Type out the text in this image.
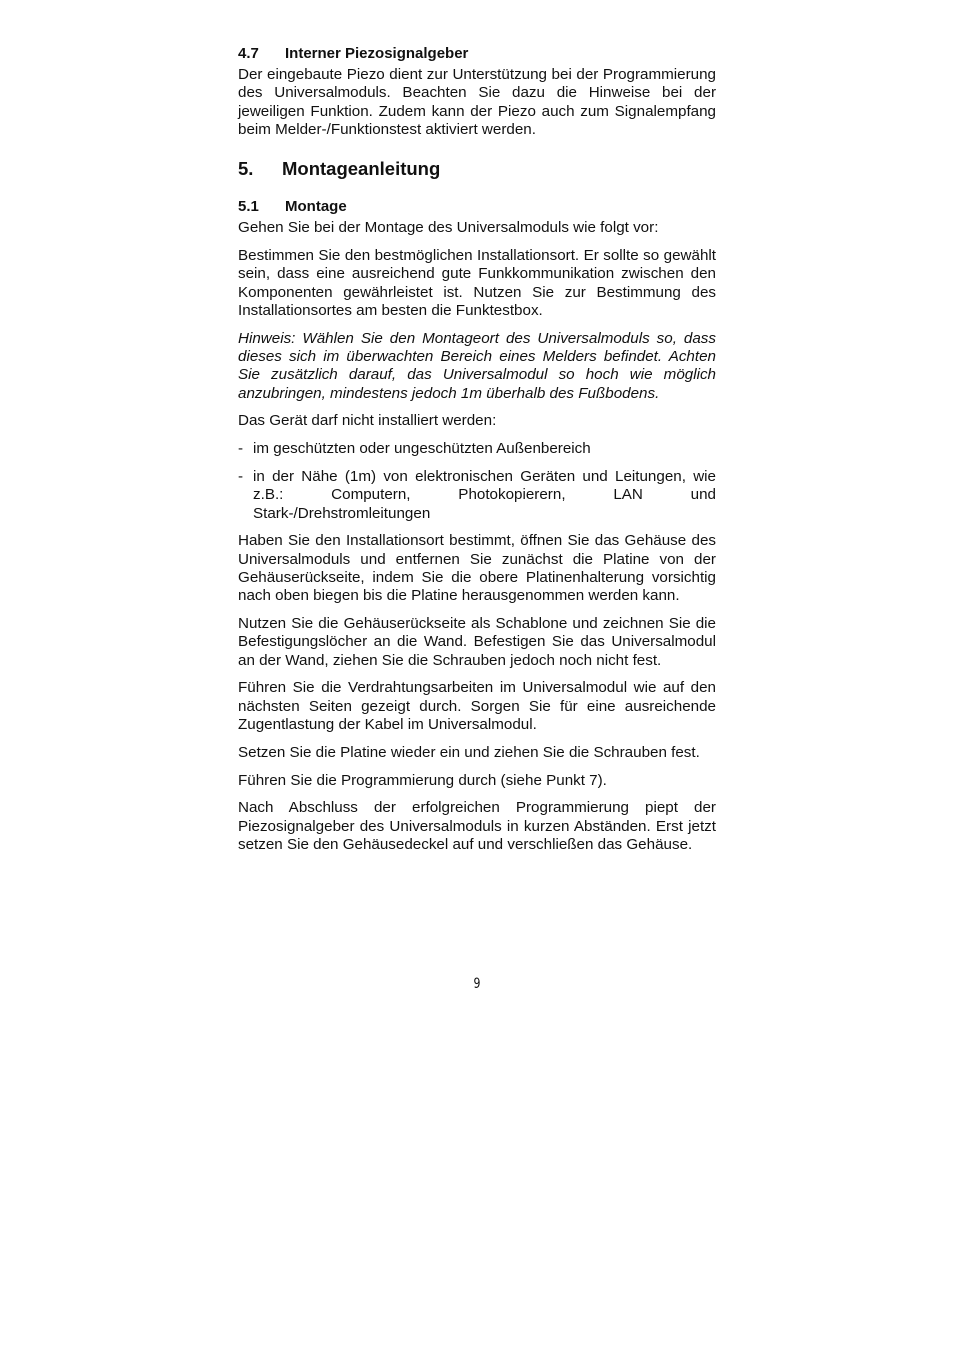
4.7 Interner Piezosignalgeber

Der eingebaute Piezo dient zur Unterstützung bei der Programmierung des Universalmoduls. Beachten Sie dazu die Hinweise bei der jeweiligen Funktion. Zudem kann der Piezo auch zum Signalempfang beim Melder-/Funktionstest aktiviert werden.

5. Montageanleitung
5.1 Montage

Gehen Sie bei der Montage des Universalmoduls wie folgt vor:

Bestimmen Sie den bestmöglichen Installationsort. Er sollte so gewählt sein, dass eine ausreichend gute Funkkommunikation zwischen den Komponenten gewährleistet ist. Nutzen Sie zur Bestimmung des Installationsortes am besten die Funktestbox.

Hinweis: Wählen Sie den Montageort des Universalmoduls so, dass dieses sich im überwachten Bereich eines Melders befindet. Achten Sie zusätzlich darauf, das Universalmodul so hoch wie möglich anzubringen, mindestens jedoch 1m überhalb des Fußbodens.

Das Gerät darf nicht installiert werden:

- im geschützten oder ungeschützten Außenbereich
- in der Nähe (1m) von elektronischen Geräten und Leitungen, wie z.B.: Computern, Photokopierern, LAN und Stark-/Drehstromleitungen

Haben Sie den Installationsort bestimmt, öffnen Sie das Gehäuse des Universalmoduls und entfernen Sie zunächst die Platine von der Gehäuserückseite, indem Sie die obere Platinenhalterung vorsichtig nach oben biegen bis die Platine herausgenommen werden kann.

Nutzen Sie die Gehäuserückseite als Schablone und zeichnen Sie die Befestigungslöcher an die Wand. Befestigen Sie das Universalmodul an der Wand, ziehen Sie die Schrauben jedoch noch nicht fest.

Führen Sie die Verdrahtungsarbeiten im Universalmodul wie auf den nächsten Seiten gezeigt durch. Sorgen Sie für eine ausreichende Zugentlastung der Kabel im Universalmodul.

Setzen Sie die Platine wieder ein und ziehen Sie die Schrauben fest.

Führen Sie die Programmierung durch (siehe Punkt 7).

Nach Abschluss der erfolgreichen Programmierung piept der Piezosignalgeber des Universalmoduls in kurzen Abständen. Erst jetzt setzen Sie den Gehäusedeckel auf und verschließen das Gehäuse.

9
